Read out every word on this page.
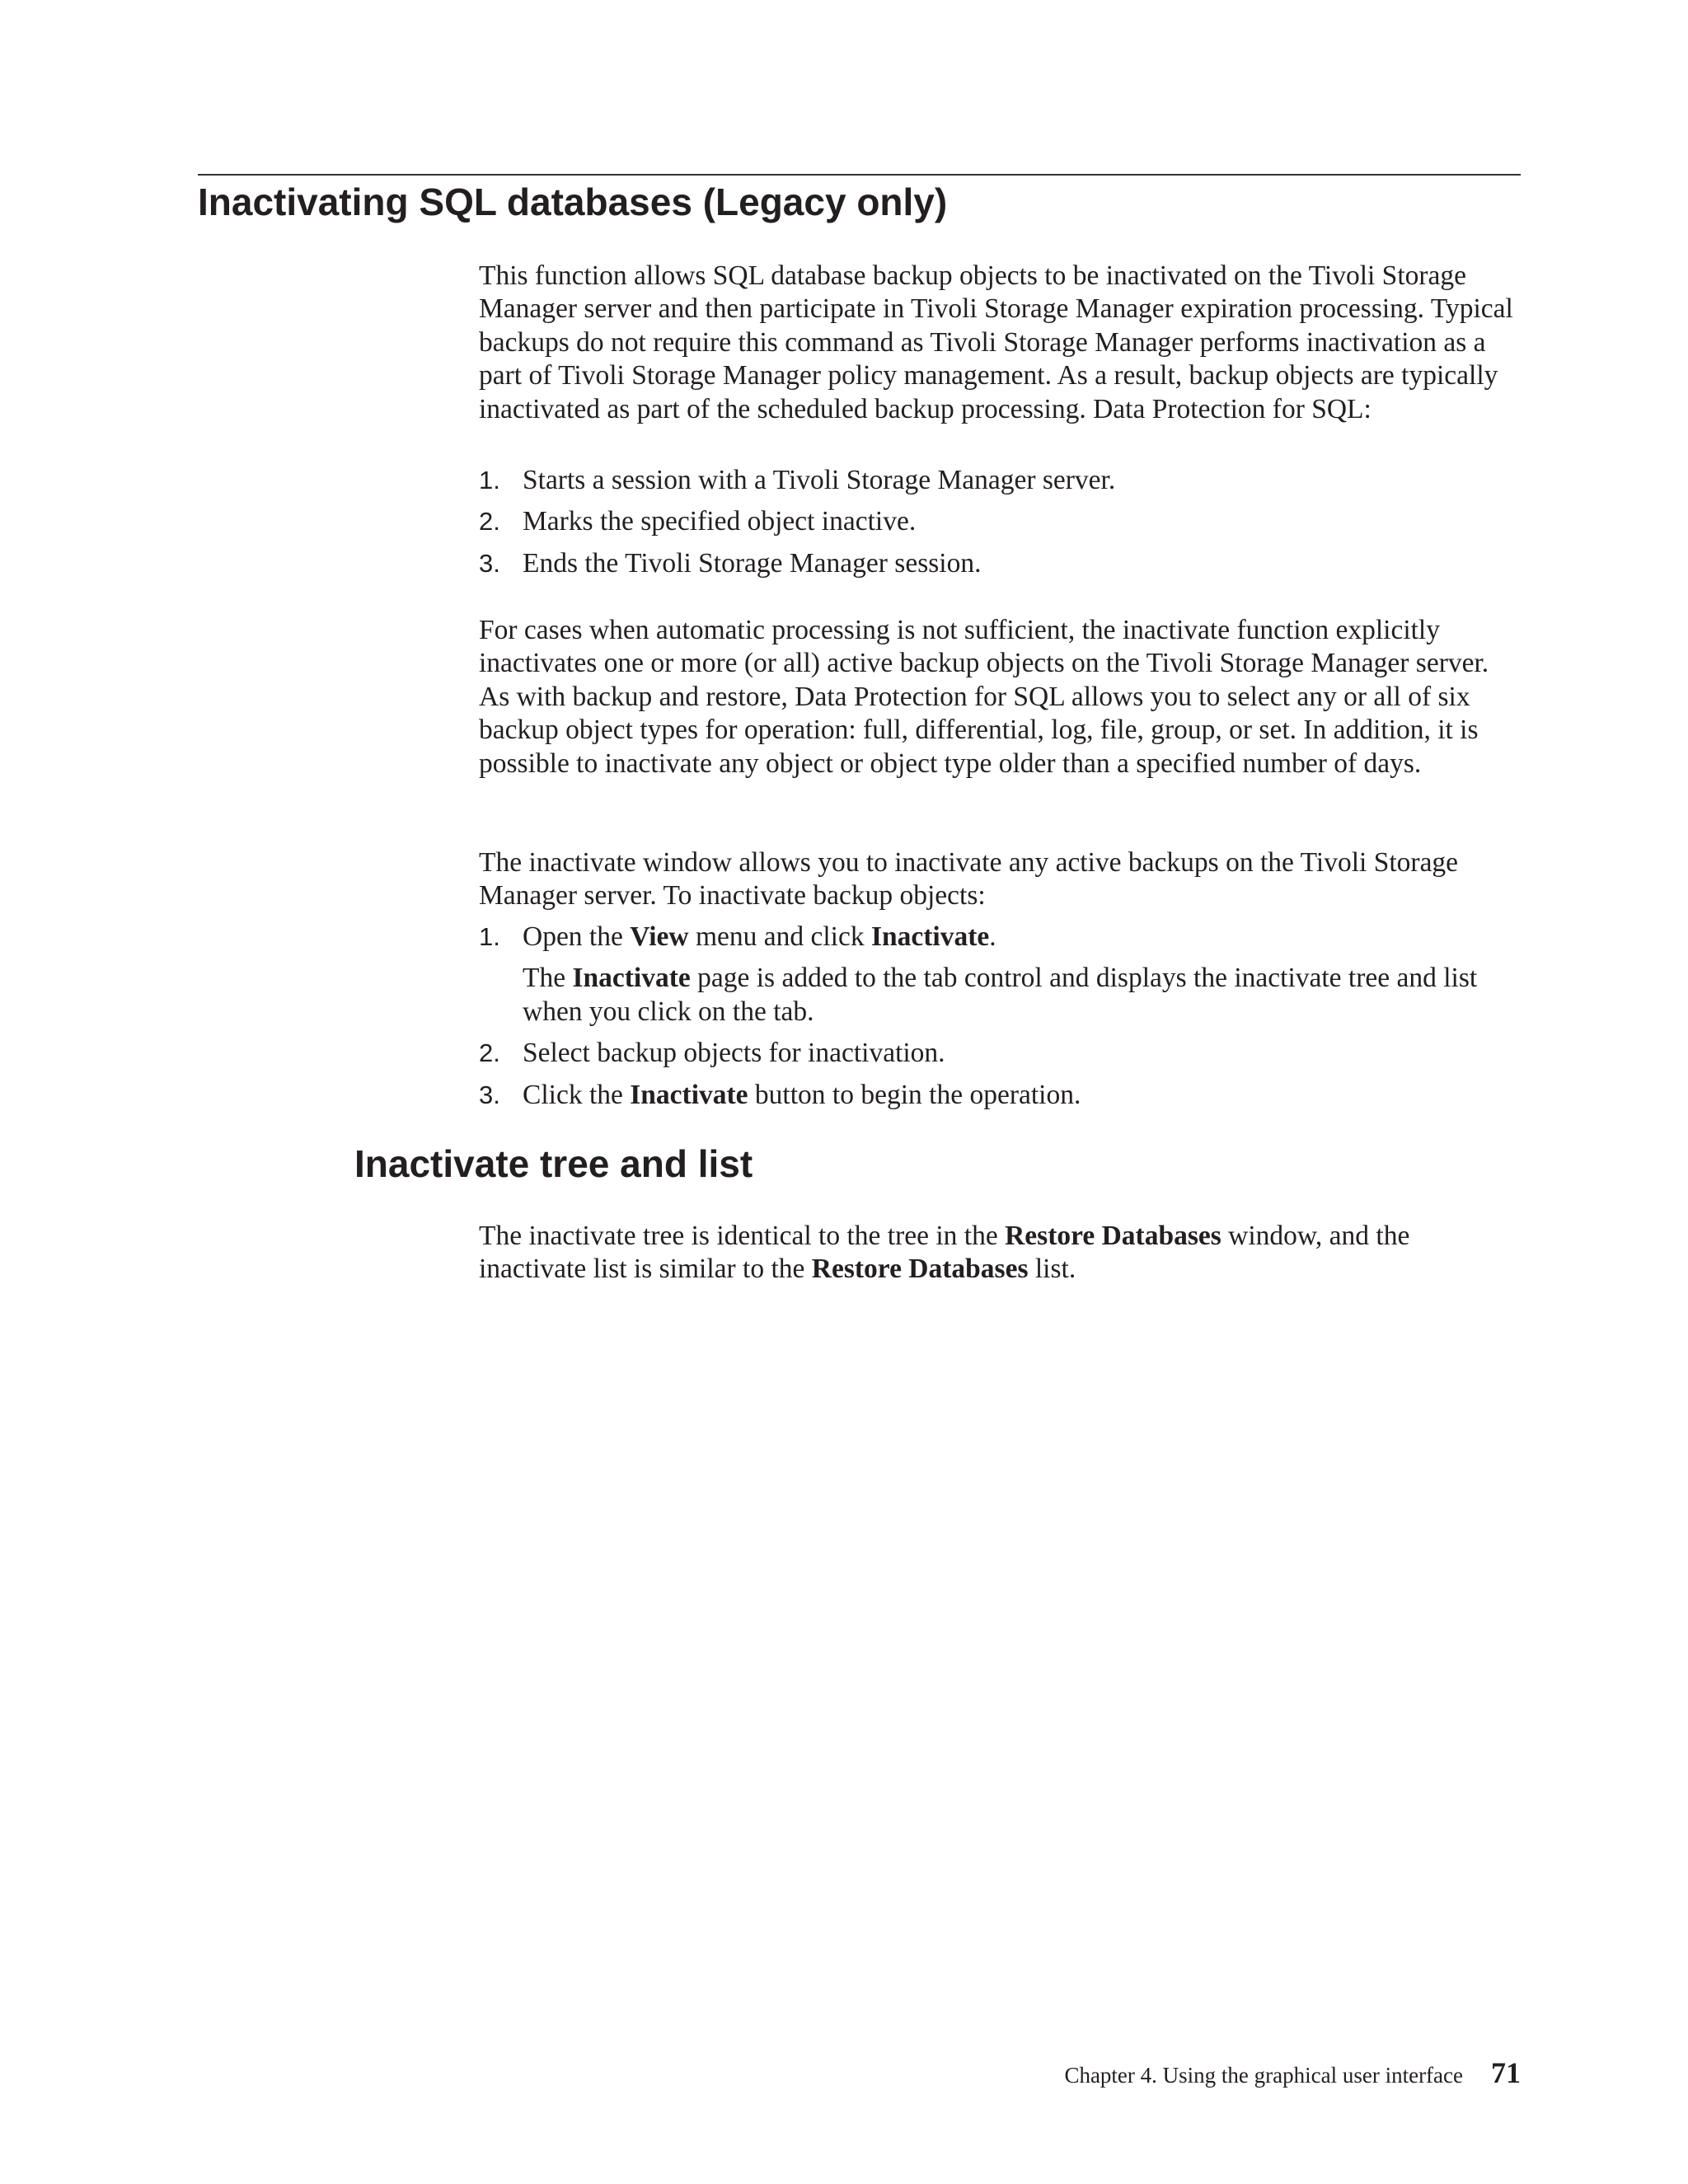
Inactivating SQL databases (Legacy only)

This function allows SQL database backup objects to be inactivated on the Tivoli Storage Manager server and then participate in Tivoli Storage Manager expiration processing. Typical backups do not require this command as Tivoli Storage Manager performs inactivation as a part of Tivoli Storage Manager policy management. As a result, backup objects are typically inactivated as part of the scheduled backup processing. Data Protection for SQL:

1. Starts a session with a Tivoli Storage Manager server.
2. Marks the specified object inactive.
3. Ends the Tivoli Storage Manager session.

For cases when automatic processing is not sufficient, the inactivate function explicitly inactivates one or more (or all) active backup objects on the Tivoli Storage Manager server. As with backup and restore, Data Protection for SQL allows you to select any or all of six backup object types for operation: full, differential, log, file, group, or set. In addition, it is possible to inactivate any object or object type older than a specified number of days.

The inactivate window allows you to inactivate any active backups on the Tivoli Storage Manager server. To inactivate backup objects:

1. Open the View menu and click Inactivate.
The Inactivate page is added to the tab control and displays the inactivate tree and list when you click on the tab.
2. Select backup objects for inactivation.
3. Click the Inactivate button to begin the operation.
Inactivate tree and list

The inactivate tree is identical to the tree in the Restore Databases window, and the inactivate list is similar to the Restore Databases list.

Chapter 4. Using the graphical user interface 71
